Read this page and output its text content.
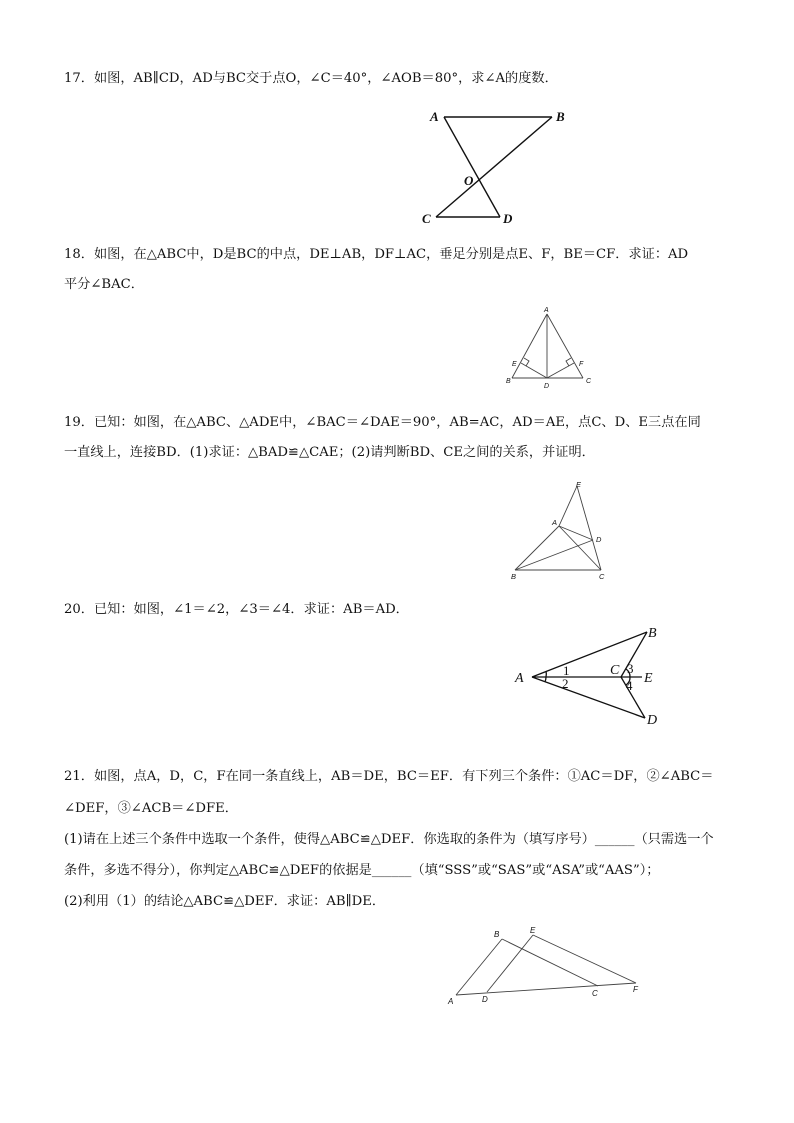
17．如图，AB∥CD，AD与BC交于点O，∠C＝40°，∠AOB＝80°，求∠A的度数．
A	B
O
C	D
18．如图，在△ABC中，D是BC的中点，DE⊥AB，DF⊥AC，垂足分别是点E、F，BE＝CF．求证：AD
平分∠BAC．
A
E	F
B
D
C
19．已知：如图，在△ABC、△ADE中，∠BAC＝∠DAE＝90°，AB=AC，AD＝AE，点C、D、E三点在同
一直线上，连接BD．(1)求证：△BAD≌△CAE；(2)请判断BD、CE之间的关系，并证明．
E
A
D
B	C
20．已知：如图，∠1＝∠2，∠3＝∠4．求证：AB＝AD．
A
1
2
C 3
4 E
B
D
21．如图，点A，D，C，F在同一条直线上，AB＝DE，BC＝EF．有下列三个条件：①AC＝DF，②∠ABC＝
∠DEF，③∠ACB＝∠DFE．
(1)请在上述三个条件中选取一个条件，使得△ABC≌△DEF．你选取的条件为（填写序号）______（只需选一个
条件，多选不得分），你判定△ABC≌△DEF的依据是______（填“SSS”或“SAS”或“ASA”或“AAS”）；
(2)利用（1）的结论△ABC≌△DEF．求证：AB∥DE．
B	E
A	D
C	F
